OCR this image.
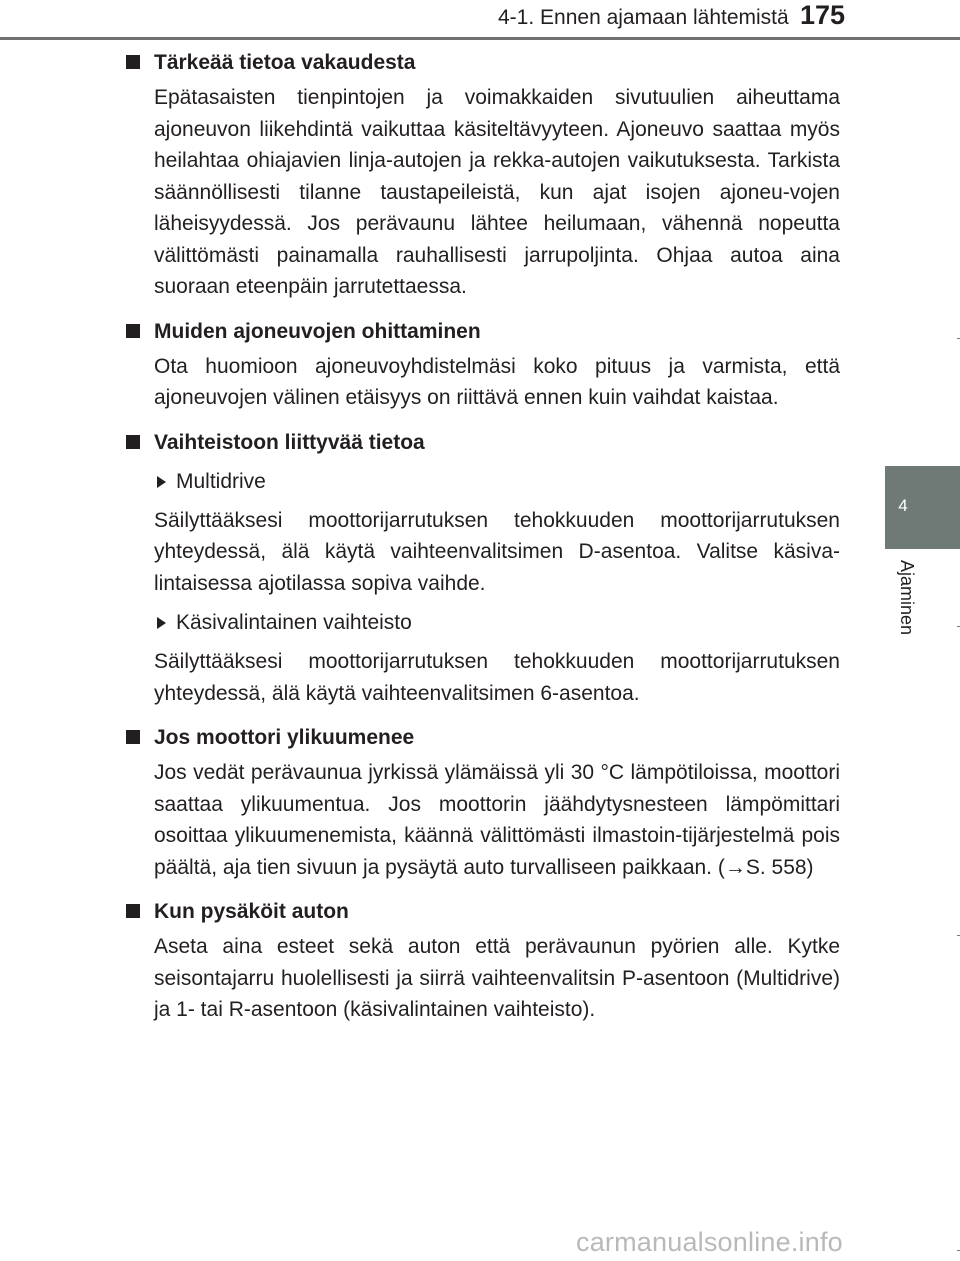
4-1. Ennen ajamaan lähtemistä 175
4
Ajaminen
Tärkeää tietoa vakaudesta

Epätasaisten tienpintojen ja voimakkaiden sivutuulien aiheuttama ajoneuvon liikehdintä vaikuttaa käsiteltävyyteen. Ajoneuvo saattaa myös heilahtaa ohiajavien linja-autojen ja rekka-autojen vaikutuksesta. Tarkista säännöllisesti tilanne taustapeileistä, kun ajat isojen ajoneu-vojen läheisyydessä. Jos perävaunu lähtee heilumaan, vähennä nopeutta välittömästi painamalla rauhallisesti jarrupoljinta. Ohjaa autoa aina suoraan eteenpäin jarrutettaessa.

Muiden ajoneuvojen ohittaminen

Ota huomioon ajoneuvoyhdistelmäsi koko pituus ja varmista, että ajoneuvojen välinen etäisyys on riittävä ennen kuin vaihdat kaistaa.

Vaihteistoon liittyvää tietoa
Multidrive

Säilyttääksesi moottorijarrutuksen tehokkuuden moottorijarrutuksen yhteydessä, älä käytä vaihteenvalitsimen D-asentoa. Valitse käsiva-lintaisessa ajotilassa sopiva vaihde.

Käsivalintainen vaihteisto

Säilyttääksesi moottorijarrutuksen tehokkuuden moottorijarrutuksen yhteydessä, älä käytä vaihteenvalitsimen 6-asentoa.

Jos moottori ylikuumenee

Jos vedät perävaunua jyrkissä ylämäissä yli 30 °C lämpötiloissa, moottori saattaa ylikuumentua. Jos moottorin jäähdytysnesteen lämpömittari osoittaa ylikuumenemista, käännä välittömästi ilmastoin-tijärjestelmä pois päältä, aja tien sivuun ja pysäytä auto turvalliseen paikkaan. (→S. 558)

Kun pysäköit auton

Aseta aina esteet sekä auton että perävaunun pyörien alle. Kytke seisontajarru huolellisesti ja siirrä vaihteenvalitsin P-asentoon (Multidrive) ja 1- tai R-asentoon (käsivalintainen vaihteisto).

carmanualsonline.info
